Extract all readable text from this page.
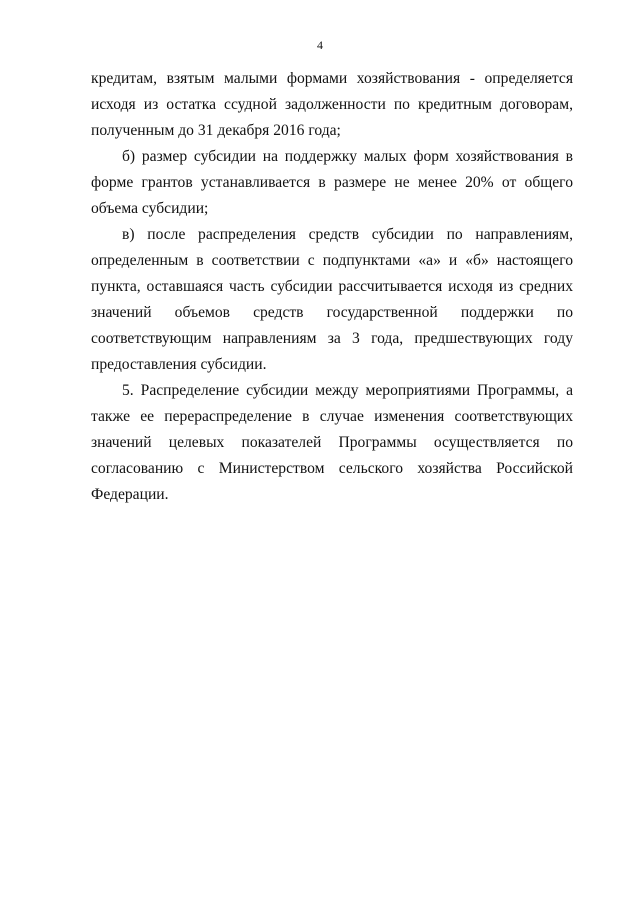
4

кредитам, взятым малыми формами хозяйствования - определяется исходя из остатка ссудной задолженности по кредитным договорам, полученным до 31 декабря 2016 года;

б) размер субсидии на поддержку малых форм хозяйствования в форме грантов устанавливается в размере не менее 20% от общего объема субсидии;

в) после распределения средств субсидии по направлениям, определенным в соответствии с подпунктами «а» и «б» настоящего пункта, оставшаяся часть субсидии рассчитывается исходя из средних значений объемов средств государственной поддержки по соответствующим направлениям за 3 года, предшествующих году предоставления субсидии.

5. Распределение субсидии между мероприятиями Программы, а также ее перераспределение в случае изменения соответствующих значений целевых показателей Программы осуществляется по согласованию с Министерством сельского хозяйства Российской Федерации.
